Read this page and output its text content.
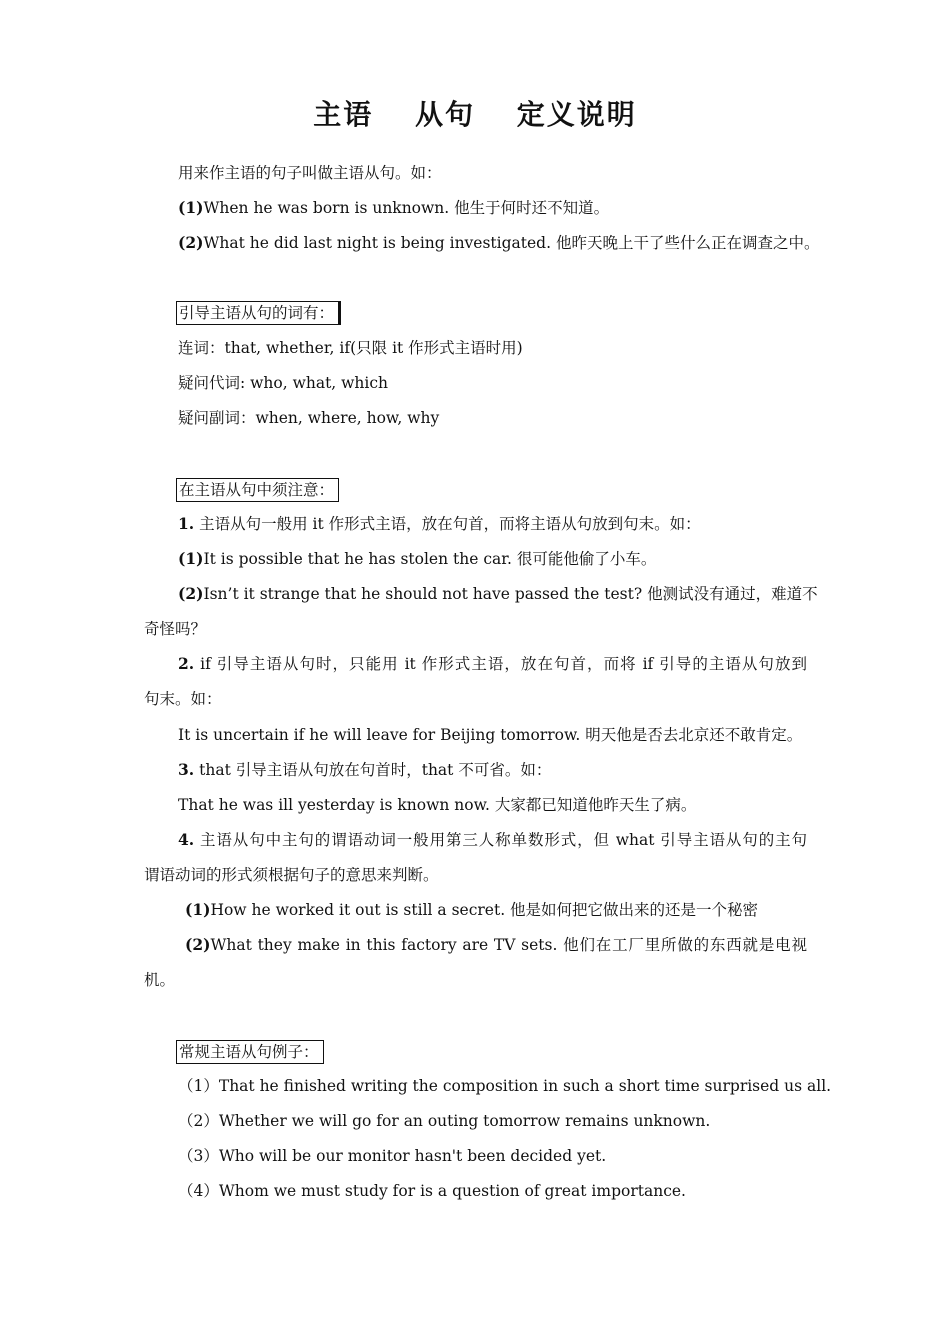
主语 从句 定义说明
用来作主语的句子叫做主语从句。如：
(1)When he was born is unknown. 他生于何时还不知道。
(2)What he did last night is being investigated. 他昨天晚上干了些什么正在调查之中。
引导主语从句的词有：
连词：that, whether, if(只限 it 作形式主语时用)
疑问代词: who, what, which
疑问副词：when, where, how, why
在主语从句中须注意：
1. 主语从句一般用 it 作形式主语，放在句首，而将主语从句放到句末。如：
(1)It is possible that he has stolen the car. 很可能他偷了小车。
(2)Isn’t it strange that he should not have passed the test? 他测试没有通过，难道不
奇怪吗？
2. if 引导主语从句时，只能用 it 作形式主语，放在句首，而将 if 引导的主语从句放到
句末。如：
It is uncertain if he will leave for Beijing tomorrow. 明天他是否去北京还不敢肯定。
3. that 引导主语从句放在句首时，that 不可省。如：
That he was ill yesterday is known now. 大家都已知道他昨天生了病。
4. 主语从句中主句的谓语动词一般用第三人称单数形式，但 what 引导主语从句的主句
谓语动词的形式须根据句子的意思来判断。
(1)How he worked it out is still a secret. 他是如何把它做出来的还是一个秘密
(2)What they make in this factory are TV sets. 他们在工厂里所做的东西就是电视
机。
常规主语从句例子：
（1）That he finished writing the composition in such a short time surprised us all.
（2）Whether we will go for an outing tomorrow remains unknown.
（3）Who will be our monitor hasn't been decided yet.
（4）Whom we must study for is a question of great importance.
